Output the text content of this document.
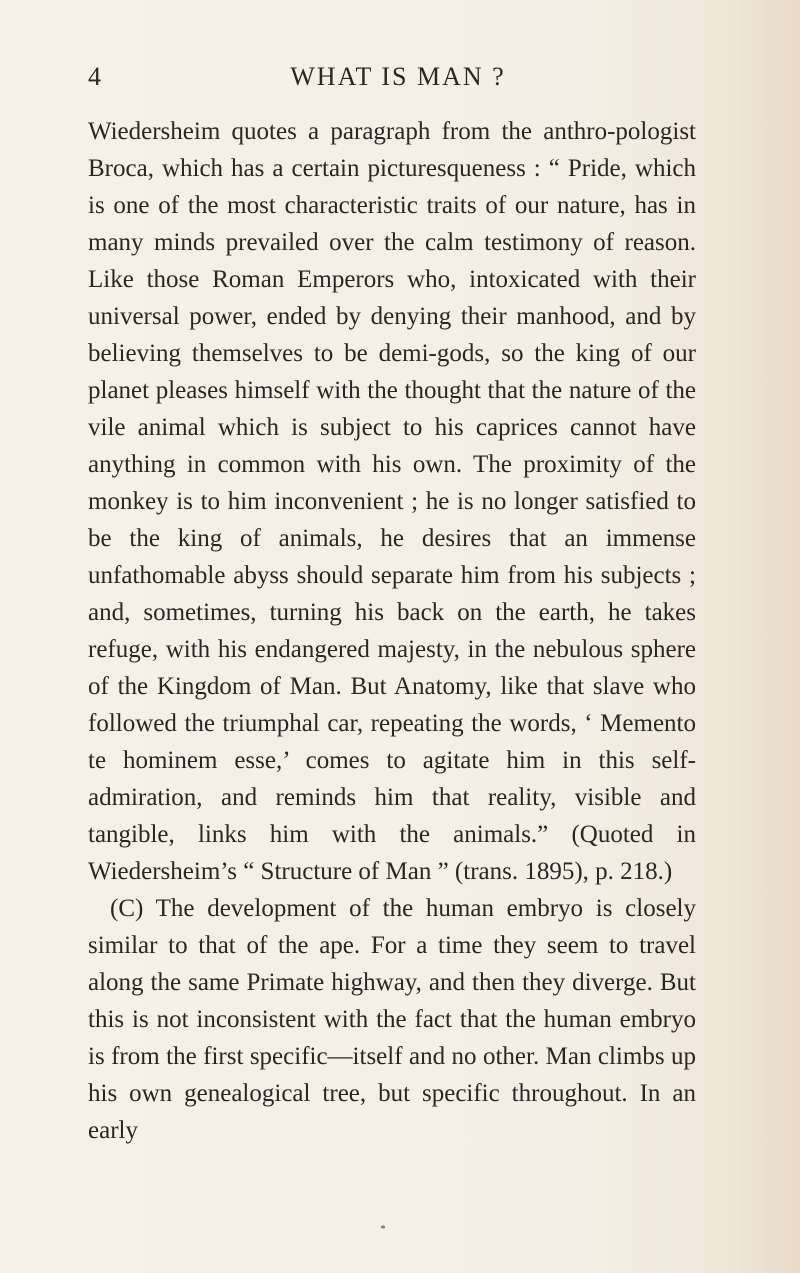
4	WHAT IS MAN ?

Wiedersheim quotes a paragraph from the anthro-pologist Broca, which has a certain picturesqueness : “ Pride, which is one of the most characteristic traits of our nature, has in many minds prevailed over the calm testimony of reason. Like those Roman Emperors who, intoxicated with their universal power, ended by denying their manhood, and by believing themselves to be demi-gods, so the king of our planet pleases himself with the thought that the nature of the vile animal which is subject to his caprices cannot have anything in common with his own. The proximity of the monkey is to him inconvenient ; he is no longer satisfied to be the king of animals, he desires that an immense unfathomable abyss should separate him from his subjects ; and, sometimes, turning his back on the earth, he takes refuge, with his endangered majesty, in the nebulous sphere of the Kingdom of Man. But Anatomy, like that slave who followed the triumphal car, repeating the words, ‘ Memento te hominem esse,’ comes to agitate him in this self-admiration, and reminds him that reality, visible and tangible, links him with the animals.” (Quoted in Wiedersheim’s “ Structure of Man ” (trans. 1895), p. 218.)

(C) The development of the human embryo is closely similar to that of the ape. For a time they seem to travel along the same Primate highway, and then they diverge. But this is not inconsistent with the fact that the human embryo is from the first specific—itself and no other. Man climbs up his own genealogical tree, but specific throughout. In an early

*
